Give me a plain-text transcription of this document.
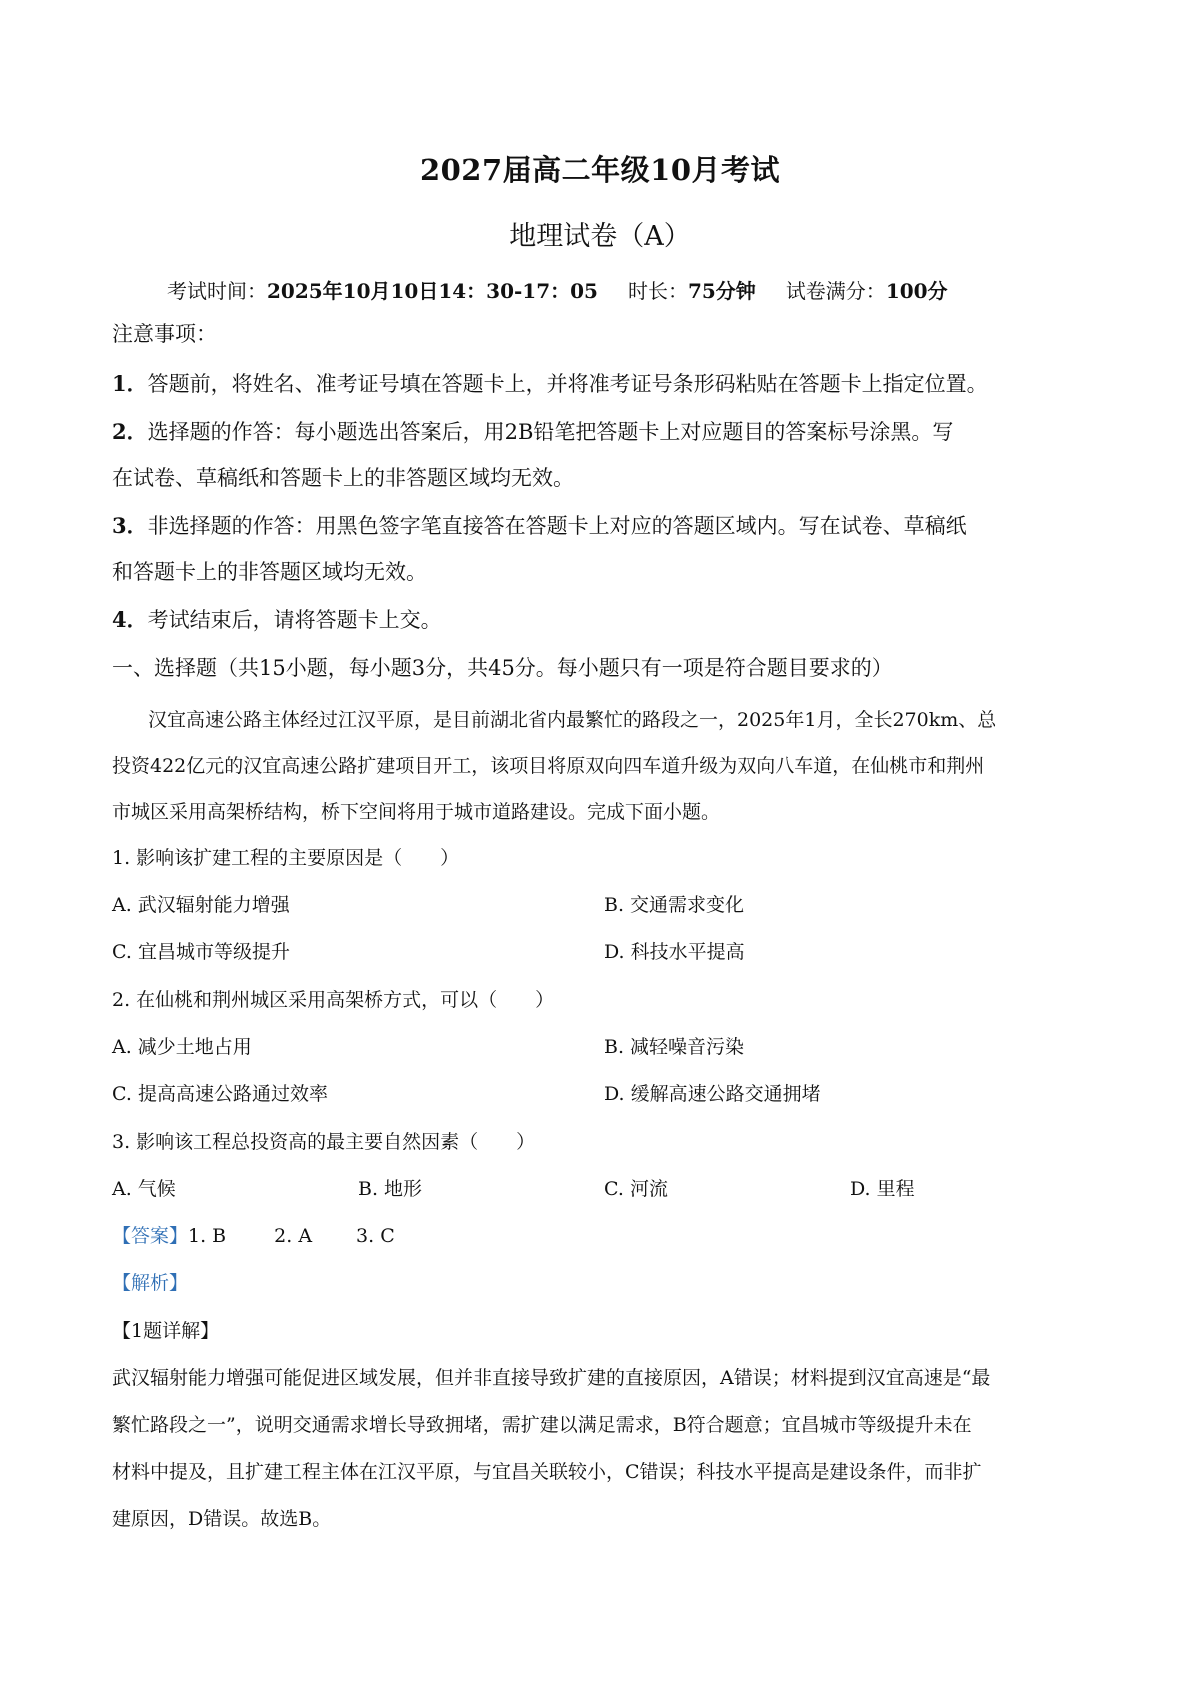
2027届高二年级10月考试
地理试卷（A）
考试时间：2025年10月10日14：30-17：05 时长：75分钟 试卷满分：100分
注意事项：
1．答题前，将姓名、准考证号填在答题卡上，并将准考证号条形码粘贴在答题卡上指定位置。
2．选择题的作答：每小题选出答案后，用2B铅笔把答题卡上对应题目的答案标号涂黑。写
在试卷、草稿纸和答题卡上的非答题区域均无效。
3．非选择题的作答：用黑色签字笔直接答在答题卡上对应的答题区域内。写在试卷、草稿纸
和答题卡上的非答题区域均无效。
4．考试结束后，请将答题卡上交。
一、选择题（共15小题，每小题3分，共45分。每小题只有一项是符合题目要求的）
汉宜高速公路主体经过江汉平原，是目前湖北省内最繁忙的路段之一，2025年1月，全长270km、总
投资422亿元的汉宜高速公路扩建项目开工，该项目将原双向四车道升级为双向八车道，在仙桃市和荆州
市城区采用高架桥结构，桥下空间将用于城市道路建设。完成下面小题。
1. 影响该扩建工程的主要原因是（　　）
A. 武汉辐射能力增强	B. 交通需求变化
C. 宜昌城市等级提升	D. 科技水平提高
2. 在仙桃和荆州城区采用高架桥方式，可以（　　）
A. 减少土地占用	B. 减轻噪音污染
C. 提高高速公路通过效率	D. 缓解高速公路交通拥堵
3. 影响该工程总投资高的最主要自然因素（　　）
A. 气候	B. 地形	C. 河流	D. 里程
【答案】1. B	2. A 3. C
【解析】
【1题详解】
武汉辐射能力增强可能促进区域发展，但并非直接导致扩建的直接原因，A错误；材料提到汉宜高速是“最
繁忙路段之一”，说明交通需求增长导致拥堵，需扩建以满足需求，B符合题意；宜昌城市等级提升未在
材料中提及，且扩建工程主体在江汉平原，与宜昌关联较小，C错误；科技水平提高是建设条件，而非扩
建原因，D错误。故选B。
